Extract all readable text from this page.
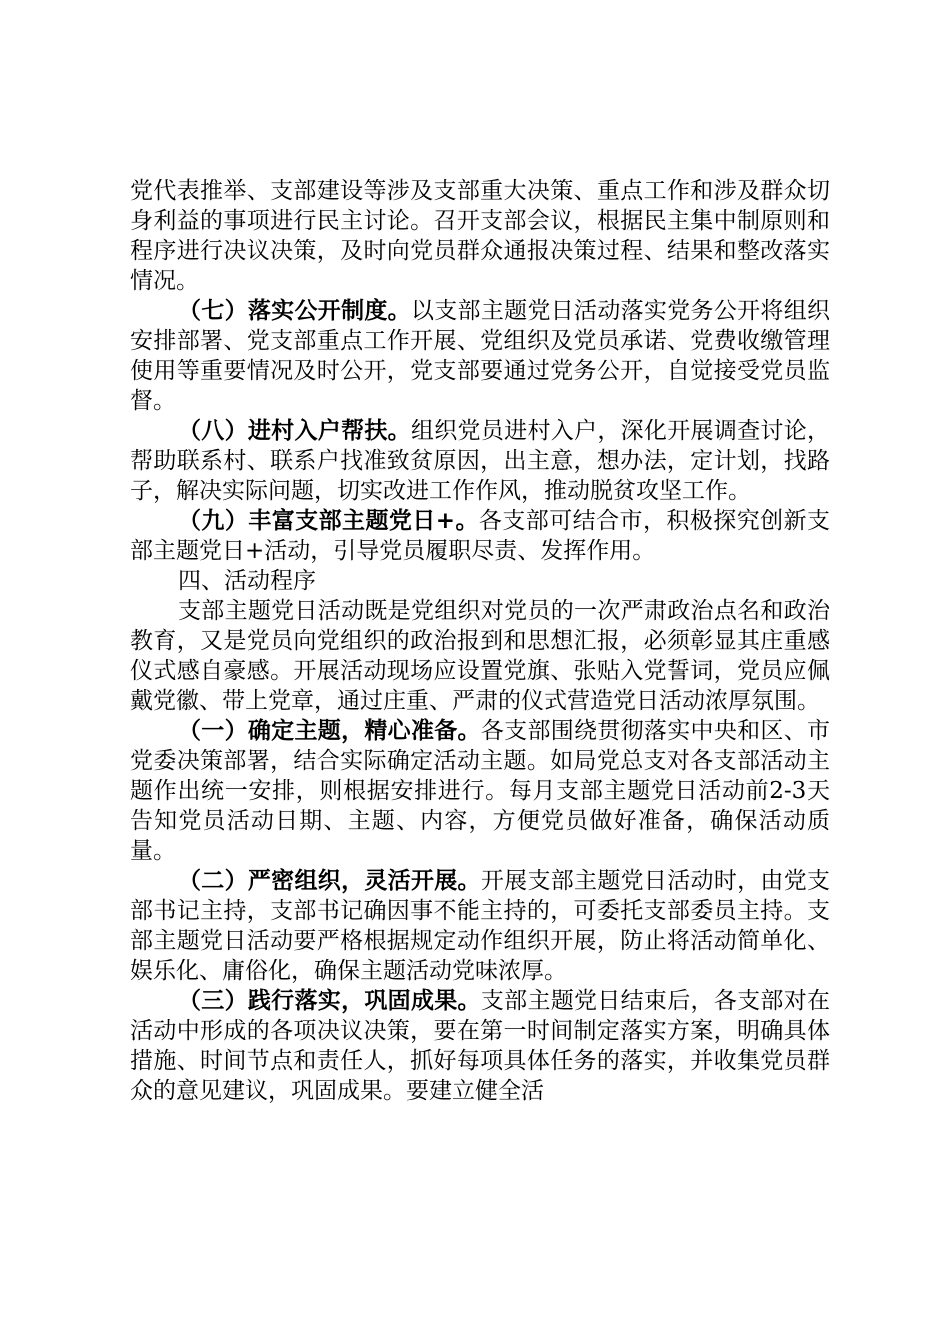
党代表推举、支部建设等涉及支部重大决策、重点工作和涉及群众切身利益的事项进行民主讨论。召开支部会议，根据民主集中制原则和程序进行决议决策，及时向党员群众通报决策过程、结果和整改落实情况。

（七）落实公开制度。以支部主题党日活动落实党务公开将组织安排部署、党支部重点工作开展、党组织及党员承诺、党费收缴管理使用等重要情况及时公开，党支部要通过党务公开，自觉接受党员监督。

（八）进村入户帮扶。组织党员进村入户，深化开展调查讨论，帮助联系村、联系户找准致贫原因，出主意，想办法，定计划，找路子，解决实际问题，切实改进工作作风，推动脱贫攻坚工作。

（九）丰富支部主题党日+。各支部可结合市，积极探究创新支部主题党日+活动，引导党员履职尽责、发挥作用。

四、活动程序

支部主题党日活动既是党组织对党员的一次严肃政治点名和政治教育，又是党员向党组织的政治报到和思想汇报，必须彰显其庄重感仪式感自豪感。开展活动现场应设置党旗、张贴入党誓词，党员应佩戴党徽、带上党章，通过庄重、严肃的仪式营造党日活动浓厚氛围。

（一）确定主题，精心准备。各支部围绕贯彻落实中央和区、市党委决策部署，结合实际确定活动主题。如局党总支对各支部活动主题作出统一安排，则根据安排进行。每月支部主题党日活动前2-3天告知党员活动日期、主题、内容，方便党员做好准备，确保活动质量。

（二）严密组织，灵活开展。开展支部主题党日活动时，由党支部书记主持，支部书记确因事不能主持的，可委托支部委员主持。支部主题党日活动要严格根据规定动作组织开展，防止将活动简单化、娱乐化、庸俗化，确保主题活动党味浓厚。

（三）践行落实，巩固成果。支部主题党日结束后，各支部对在活动中形成的各项决议决策，要在第一时间制定落实方案，明确具体措施、时间节点和责任人，抓好每项具体任务的落实，并收集党员群众的意见建议，巩固成果。要建立健全活
